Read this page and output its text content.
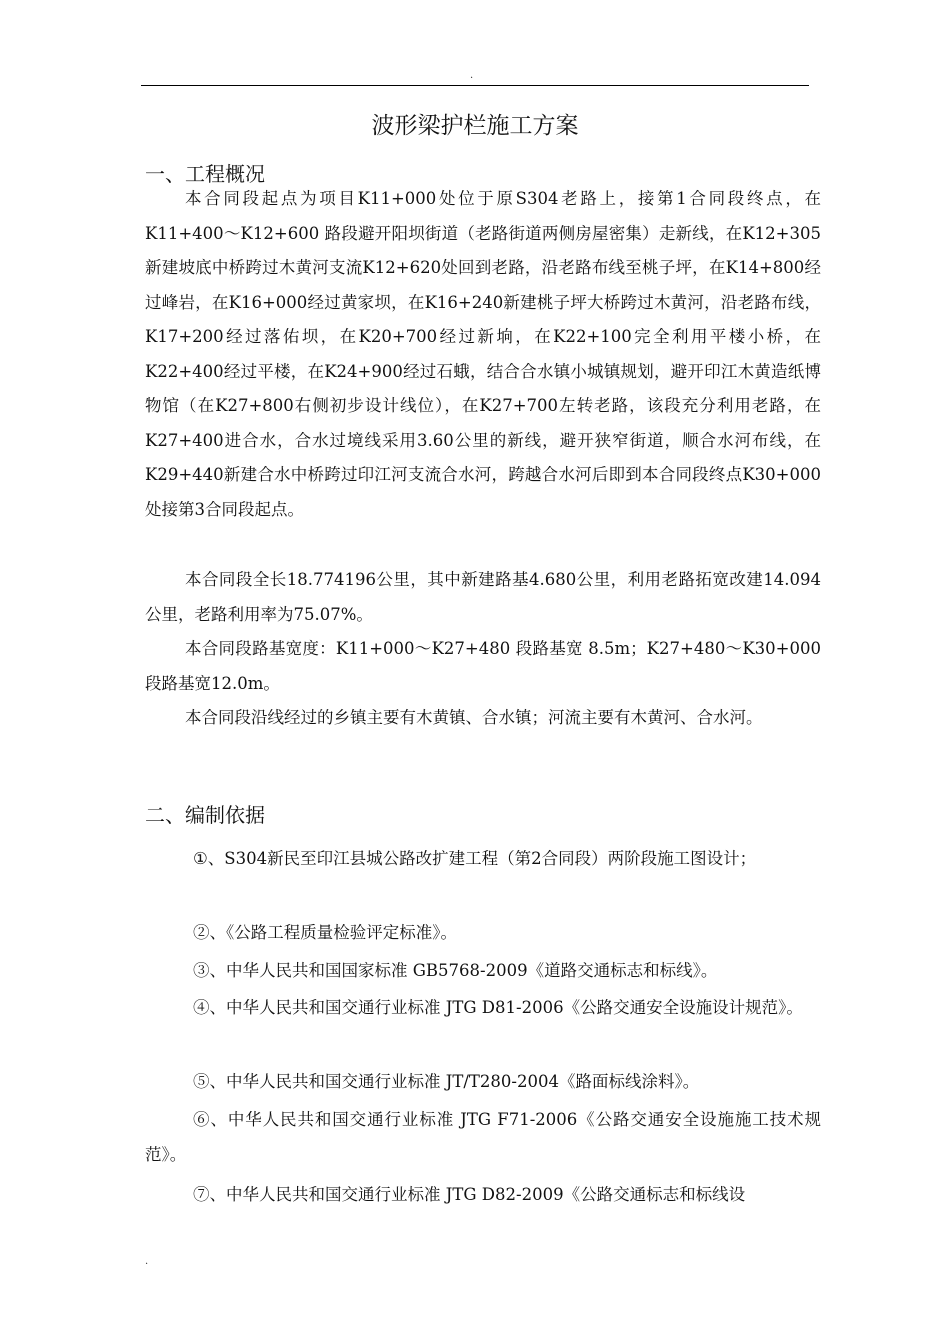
.
波形梁护栏施工方案
一、工程概况

本合同段起点为项目K11+000处位于原S304老路上，接第1合同段终点，在K11+400～K12+600 路段避开阳坝街道（老路街道两侧房屋密集）走新线，在K12+305新建坡底中桥跨过木黄河支流K12+620处回到老路，沿老路布线至桃子坪，在K14+800经过峰岩，在K16+000经过黄家坝，在K16+240新建桃子坪大桥跨过木黄河，沿老路布线，K17+200经过落佑坝，在K20+700经过新垧，在K22+100完全利用平楼小桥，在K22+400经过平楼，在K24+900经过石蛾，结合合水镇小城镇规划，避开印江木黄造纸博物馆（在K27+800右侧初步设计线位），在K27+700左转老路，该段充分利用老路，在K27+400进合水，合水过境线采用3.60公里的新线，避开狭窄街道，顺合水河布线，在K29+440新建合水中桥跨过印江河支流合水河，跨越合水河后即到本合同段终点K30+000处接第3合同段起点。

本合同段全长18.774196公里，其中新建路基4.680公里，利用老路拓宽改建14.094公里，老路利用率为75.07%。

本合同段路基宽度：K11+000～K27+480 段路基宽 8.5m；K27+480～K30+000段路基宽12.0m。

本合同段沿线经过的乡镇主要有木黄镇、合水镇；河流主要有木黄河、合水河。

二、编制依据

①、S304新民至印江县城公路改扩建工程（第2合同段）两阶段施工图设计；

②、《公路工程质量检验评定标准》。

③、中华人民共和国国家标准 GB5768-2009《道路交通标志和标线》。

④、中华人民共和国交通行业标准 JTG D81-2006《公路交通安全设施设计规范》。

⑤、中华人民共和国交通行业标准 JT/T280-2004《路面标线涂料》。

⑥、中华人民共和国交通行业标准 JTG F71-2006《公路交通安全设施施工技术规范》。

⑦、中华人民共和国交通行业标准 JTG D82-2009《公路交通标志和标线设

.
